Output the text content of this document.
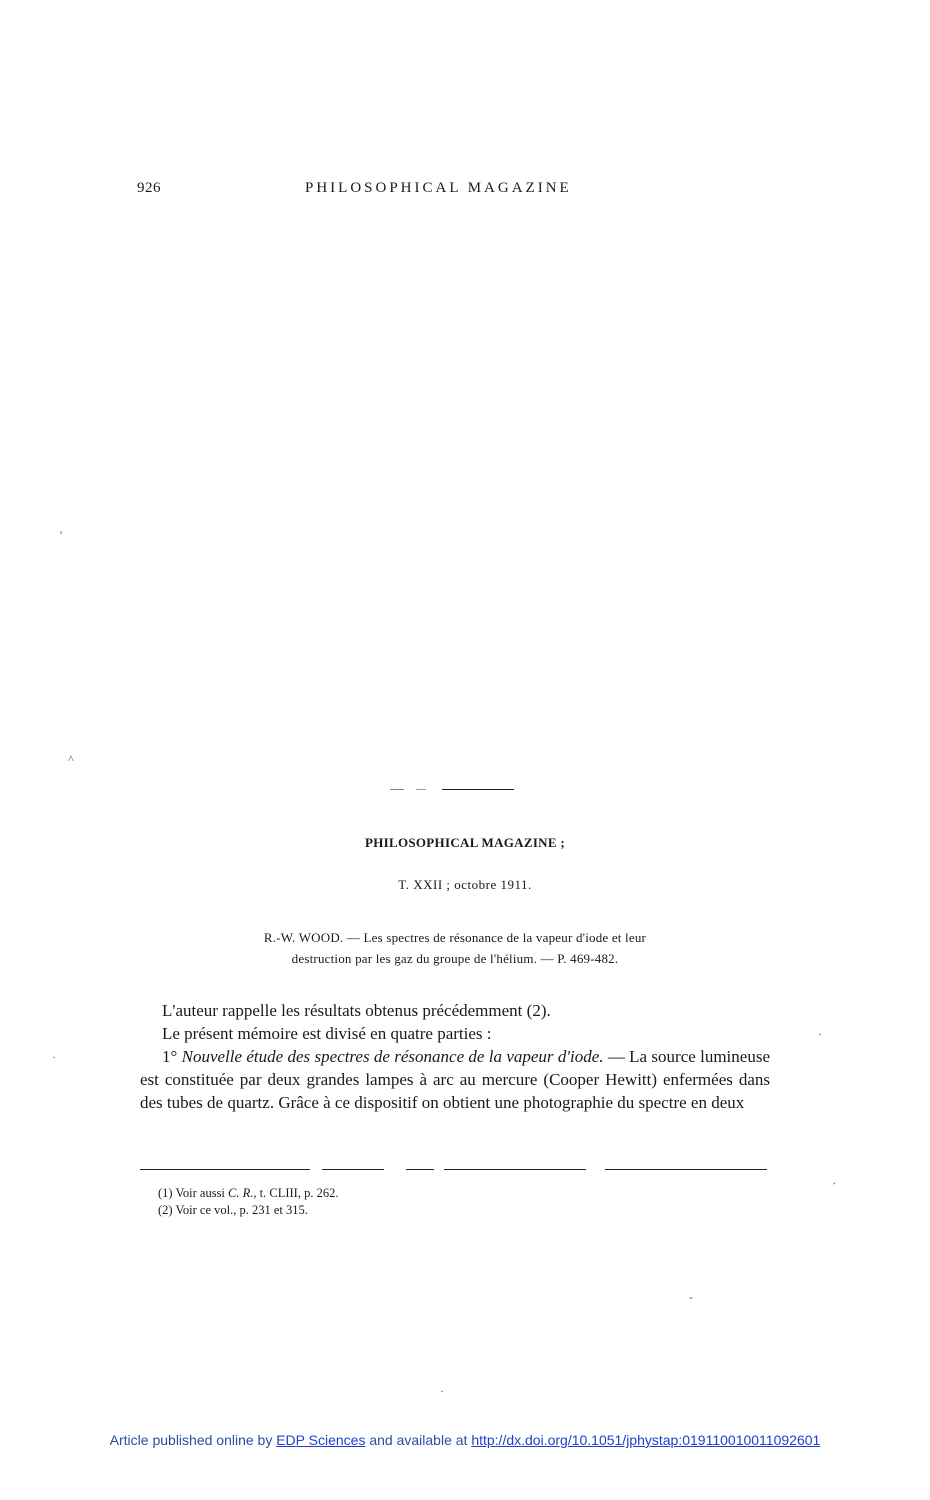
926	PHILOSOPHICAL MAGAZINE
'
^
·
·
´
-
·
PHILOSOPHICAL MAGAZINE ;
T. XXII ; octobre 1911.
R.-W. WOOD. — Les spectres de résonance de la vapeur d'iode et leur
destruction par les gaz du groupe de l'hélium. — P. 469-482.

L'auteur rappelle les résultats obtenus précédemment (2).

Le présent mémoire est divisé en quatre parties :

1° Nouvelle étude des spectres de résonance de la vapeur d'iode. — La source lumineuse est constituée par deux grandes lampes à arc au mercure (Cooper Hewitt) enfermées dans des tubes de quartz. Grâce à ce dispositif on obtient une photographie du spectre en deux

(1) Voir aussi C. R., t. CLIII, p. 262.
(2) Voir ce vol., p. 231 et 315.
Article published online by EDP Sciences and available at http://dx.doi.org/10.1051/jphystap:019110010011092601
